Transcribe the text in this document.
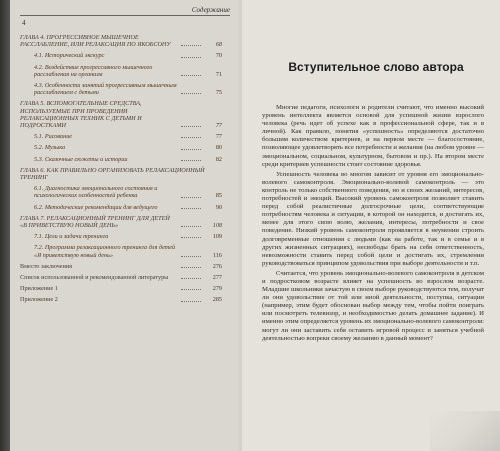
Содержание
4
ГЛАВА 4. ПРОГРЕССИВНОЕ МЫШЕЧНОЕ РАССЛАБЛЕНИЕ, ИЛИ РЕЛАКСАЦИЯ ПО ЯКОБСОНУ	68
4.1. Исторический экскурс	70
4.2. Воздействие прогрессивного мышечного расслабления на организм	71
4.3. Особенности занятий прогрессивным мышечным расслаблением с детьми	75
ГЛАВА 5. ВСПОМОГАТЕЛЬНЫЕ СРЕДСТВА, ИСПОЛЬЗУЕМЫЕ ПРИ ПРОВЕДЕНИИ РЕЛАКСАЦИОННЫХ ТЕХНИК С ДЕТЬМИ И ПОДРОСТКАМИ	77
5.1. Рисование	77
5.2. Музыка	80
5.3. Сказочные сюжеты и истории	82
ГЛАВА 6. КАК ПРАВИЛЬНО ОРГАНИЗОВАТЬ РЕЛАКСАЦИОННЫЙ ТРЕНИНГ
6.1. Диагностика эмоционального состояния и психологических особенностей ребенка	85
6.2. Методические рекомендации для ведущего	90
ГЛАВА 7. РЕЛАКСАЦИОННЫЙ ТРЕНИНГ ДЛЯ ДЕТЕЙ «В ПРИВЕТСТВУЮ НОВЫЙ ДЕНЬ»	108
7.1. Цели и задачи тренинга	109
7.2. Программа релаксационного тренинга для детей «Я приветствую новый день»	116
Вместо заключения	276
Список использованной и рекомендованной литературы	277
Приложение 1	279
Приложение 2	285
Вступительное слово автора

Многие педагоги, психологи и родители считают, что именно высокий уровень интеллекта является основой для успешной жизни взрослого человека (речь идет об успехе как в профессиональной сфере, так и в личной). Как правило, понятия «успешность» определяются достаточно большим количеством критериев, и на первом месте — благосостояние, позволяющее удовлетворять все потребности и желания (на любом уровне — эмоциональном, социальном, культурном, бытовом и пр.). На втором месте среди критериев успешности стоит состояние здоровья.

Успешность человека во многом зависит от уровня его эмоционально-волевого самоконтроля. Эмоционально-волевой самоконтроль — это контроль не только собственного поведения, но и своих желаний, интересов, потребностей и эмоций. Высокий уровень самоконтроля позволяет ставить перед собой реалистичные долгосрочные цели, соответствующие потребностям человека и ситуации, в которой он находится, и достигать их, менее для этого свою волю, желания, интересы, потребности и свое поведение. Низкий уровень самоконтроля проявляется в неумении строить долговременные отношения с людьми (как на работе, так и в семье и в других жизненных ситуациях), несвободы брать на себя ответственность, невозможности ставить перед собой цели и достигать их, стремлении руководствоваться принципом удовольствия при выборе деятельности и т.п.

Считается, что уровень эмоционально-волевого самоконтроля в детском и подростковом возрасте влияет на успешность во взрослом возрасте. Младшие школьники зачастую в своем выборе руководствуются тем, получат ли они удовольствие от той или иной деятельности, поступка, ситуации (например, этим будет обоснован выбор между тем, чтобы пойти поиграть или посмотреть телевизор, и необходимостью делать домашнее задание). И именно этим определяется уровень их эмоционально-волевого самоконтроля: могут ли они заставить себя оставить игровой процесс и заняться учебной деятельностью вопреки своему желанию в данный момент?
